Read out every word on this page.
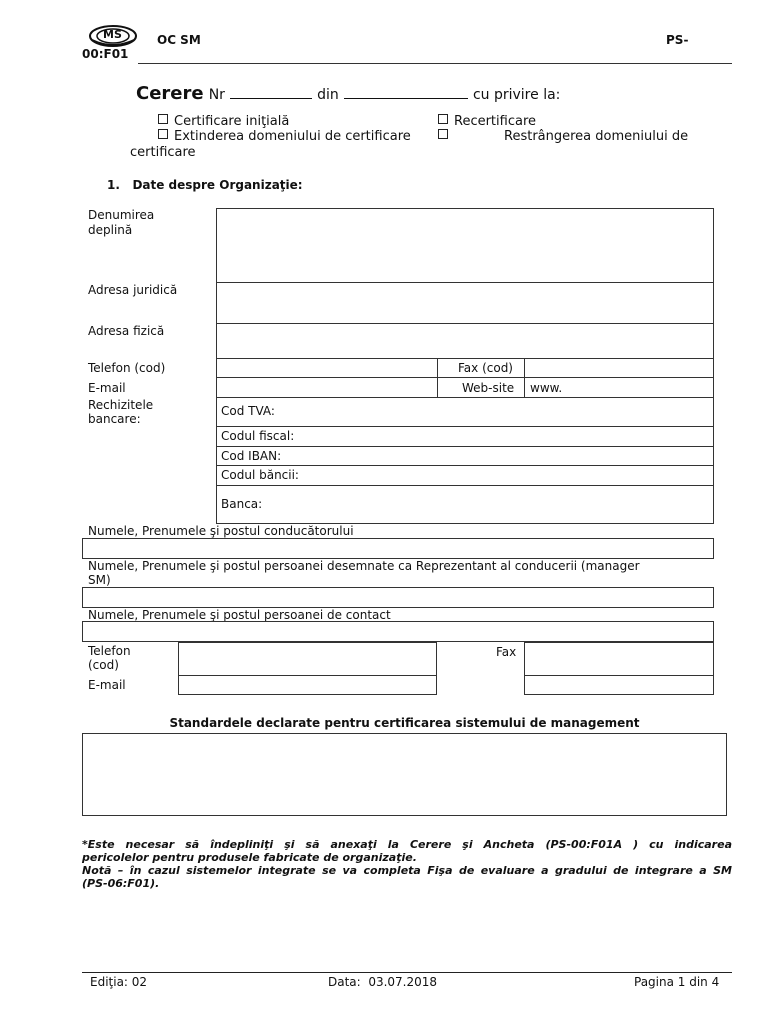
MS	OC SM
00:F01
PS-
Cerere Nr	din	cu privire la:
Certificare iniţială	Recertificare
Extinderea domeniului de certificare	Restrângerea domeniului de
certificare
1.   Date despre Organizaţie:
Denumirea
deplină
Adresa juridică
Adresa fizică
Telefon (cod)	Fax (cod)
E-mail	Web-site www.
Rechizitele
bancare:
Cod TVA:
Codul fiscal:
Cod IBAN:
Codul băncii:
Banca:
Numele, Prenumele şi postul conducătorului
Numele, Prenumele şi postul persoanei desemnate ca Reprezentant al conducerii (manager
SM)
Numele, Prenumele şi postul persoanei de contact
Telefon
(cod)
Fax
E-mail
Standardele declarate pentru certificarea sistemului de management
*Este necesar să îndepliniţi şi să anexaţi la Cerere şi Ancheta (PS-00:F01A ) cu indicarea
pericolelor pentru produsele fabricate de organizaţie.
Notă – în cazul sistemelor integrate se va completa Fişa de evaluare a gradului de integrare a SM
(PS-06:F01).
Ediţia: 02	Data:  03.07.2018	Pagina 1 din 4
